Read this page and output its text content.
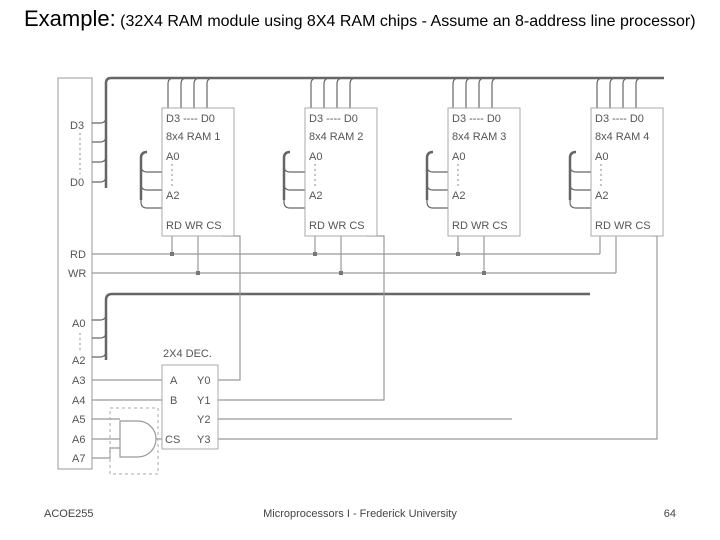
Example: (32X4 RAM module using 8X4 RAM chips - Assume an 8-address line processor)
D3
D0
RD
WR
A0
A2
A3
A4
A5
A6
A7
D3 ---- D0
8x4 RAM 1
A0
A2
RD WR CS
D3 ---- D0
8x4 RAM 2
A0
A2
RD WR CS
D3 ---- D0
8x4 RAM 3
A0
A2
RD WR CS
D3 ---- D0
8x4 RAM 4
A0
A2
RD WR CS
2X4 DEC.
A
B
CS
Y0
Y1
Y2
Y3
ACOE255	Microprocessors I - Frederick University	64
